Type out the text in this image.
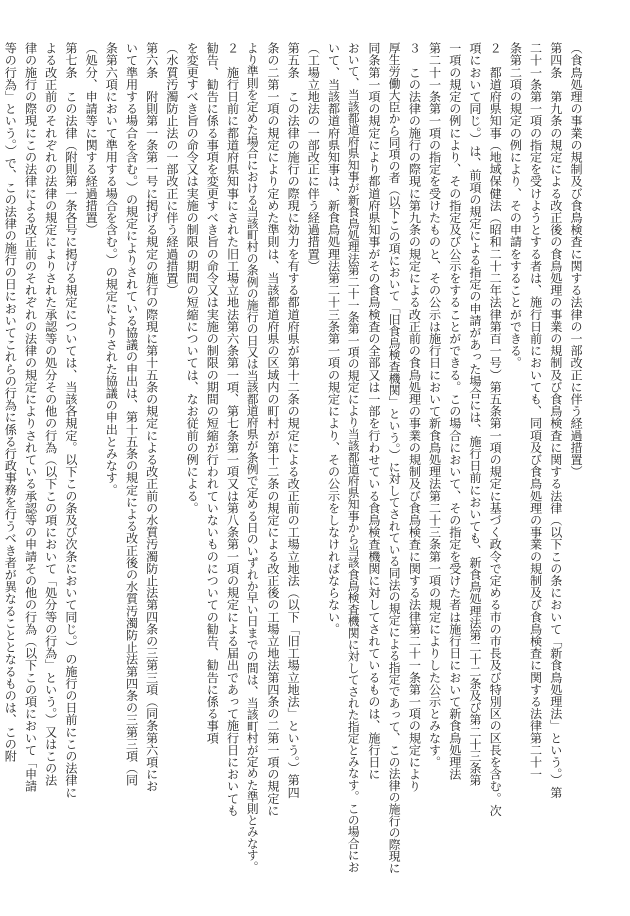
（食鳥処理の事業の規制及び食鳥検査に関する法律の一部改正に伴う経過措置）
第四条　第九条の規定による改正後の食鳥処理の事業の規制及び食鳥検査に関する法律（以下この条において「新食鳥処理法」という。）第
二十一条第一項の指定を受けようとする者は、施行日前においても、同項及び食鳥処理の事業の規制及び食鳥検査に関する法律第二十一
条第二項の規定の例により、その申請をすることができる。
２　都道府県知事（地域保健法（昭和二十二年法律第百一号）第五条第一項の規定に基づく政令で定める市の市長及び特別区の区長を含む。次
項において同じ。）は、前項の規定による指定の申請があった場合には、施行日前においても、新食鳥処理法第二十二条及び第二十三条第
一項の規定の例により、その指定及び公示をすることができる。この場合において、その指定を受けた者は施行日において新食鳥処理法
第二十一条第一項の指定を受けたものと、その公示は施行日において新食鳥処理法第二十三条第一項の規定によりした公示とみなす。
３　この法律の施行の際現に第九条の規定による改正前の食鳥処理の事業の規制及び食鳥検査に関する法律第二十一条第一項の規定により
厚生労働大臣から同項の者（以下この項において「旧食鳥検査機関」という。）に対してされている同法の規定による指定であって、この法律の施行の際現に
同条第一項の規定により都道府県知事がその食鳥検査の全部又は一部を行わせている食鳥検査機関に対してされているものは、施行日に
おいて、当該都道府県知事が新食鳥処理法第二十一条第一項の規定により当該都道府県知事から当該食鳥検査機関に対してされた指定とみなす。この場合にお
いて、当該都道府県知事は、新食鳥処理法第二十三条第一項の規定により、その公示をしなければならない。
（工場立地法の一部改正に伴う経過措置）
第五条　この法律の施行の際現に効力を有する都道府県が第十二条の規定による改正前の工場立地法（以下「旧工場立地法」という。）第四
条の二第一項の規定により定めた準則は、当該都道府県の区域内の町村が第十二条の規定による改正後の工場立地法第四条の二第一項の規定に
より準則を定めた場合における当該町村の条例の施行の日又は当該都道府県が条例で定める日のいずれか早い日までの間は、当該町村が定めた準則とみなす。
２　施行日前に都道府県知事にされた旧工場立地法第六条第一項、第七条第一項又は第八条第一項の規定による届出であって施行日においても
勧告、勧告に係る事項を変更すべき旨の命令又は実施の制限の期間の短縮が行われていないものについての勧告、勧告に係る事項
を変更すべき旨の命令又は実施の制限の期間の短縮については、なお従前の例による。
（水質汚濁防止法の一部改正に伴う経過措置）
第六条　附則第一条第一号に掲げる規定の施行の際現に第十五条の規定による改正前の水質汚濁防止法第四条の三第三項（同条第六項にお
いて準用する場合を含む。）の規定によりされている協議の申出は、第十五条の規定による改正後の水質汚濁防止法第四条の三第三項（同
条第六項において準用する場合を含む。）の規定によりされた協議の申出とみなす。
（処分、申請等に関する経過措置）
第七条　この法律（附則第一条各号に掲げる規定については、当該各規定。以下この条及び次条において同じ。）の施行の日前にこの法律に
よる改正前のそれぞれの法律の規定によりされた承認等の処分その他の行為（以下この項において「処分等の行為」という。）又はこの法
律の施行の際現にこの法律による改正前のそれぞれの法律の規定によりされている承認等の申請その他の行為（以下この項において「申請
等の行為」という。）で、この法律の施行の日においてこれらの行為に係る行政事務を行うべき者が異なることとなるものは、この附
